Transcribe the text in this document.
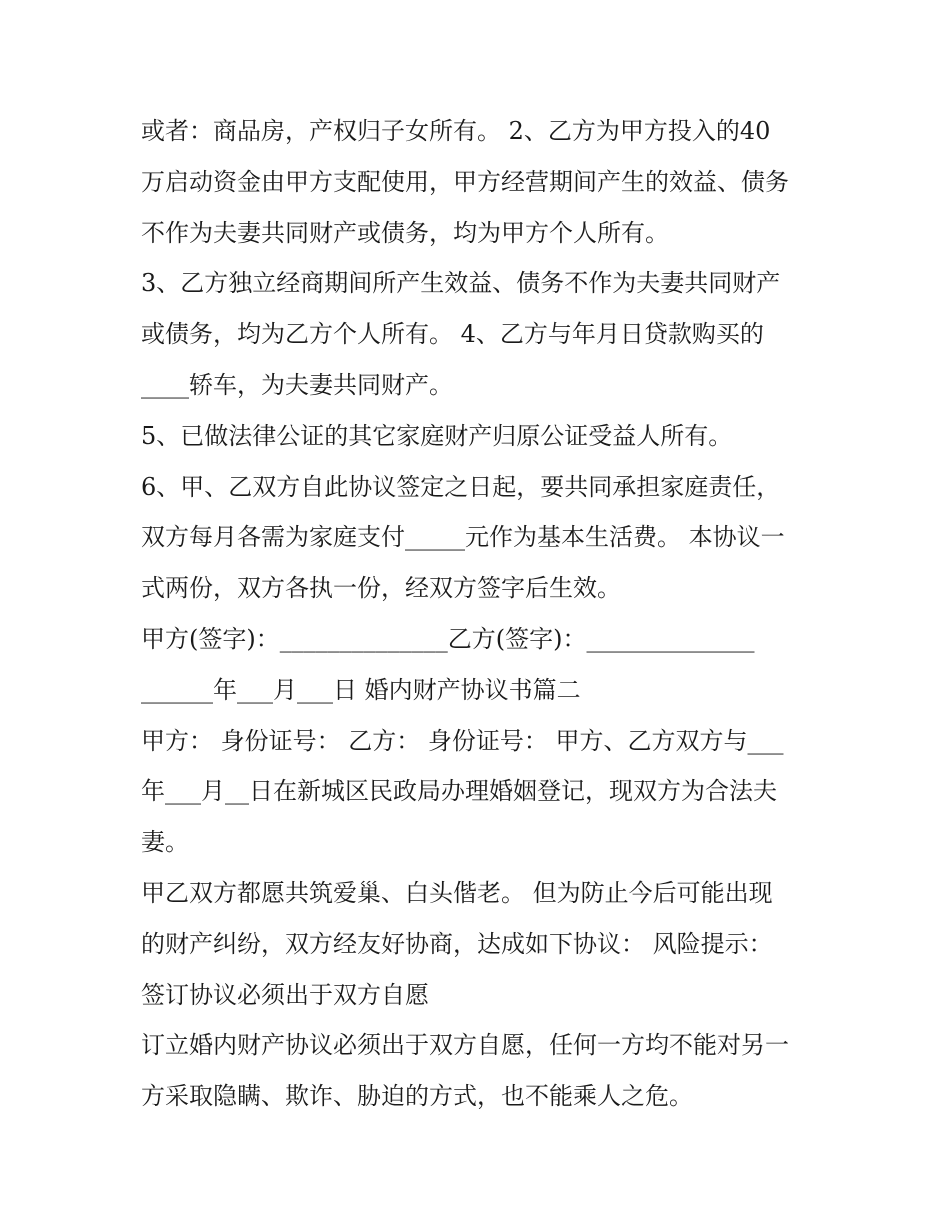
或者：商品房，产权归子女所有。 2、乙方为甲方投入的40
万启动资金由甲方支配使用，甲方经营期间产生的效益、债务
不作为夫妻共同财产或债务，均为甲方个人所有。
3、乙方独立经商期间所产生效益、债务不作为夫妻共同财产
或债务，均为乙方个人所有。 4、乙方与年月日贷款购买的
____轿车，为夫妻共同财产。
5、已做法律公证的其它家庭财产归原公证受益人所有。
6、甲、乙双方自此协议签定之日起，要共同承担家庭责任，
双方每月各需为家庭支付_____元作为基本生活费。 本协议一
式两份，双方各执一份，经双方签字后生效。
甲方(签字)：______________乙方(签字)：______________
______年___月___日 婚内财产协议书篇二
甲方： 身份证号： 乙方： 身份证号： 甲方、乙方双方与___
年___月__日在新城区民政局办理婚姻登记，现双方为合法夫
妻。
甲乙双方都愿共筑爱巢、白头偕老。 但为防止今后可能出现
的财产纠纷，双方经友好协商，达成如下协议： 风险提示：
签订协议必须出于双方自愿
订立婚内财产协议必须出于双方自愿，任何一方均不能对另一
方采取隐瞒、欺诈、胁迫的方式，也不能乘人之危。
